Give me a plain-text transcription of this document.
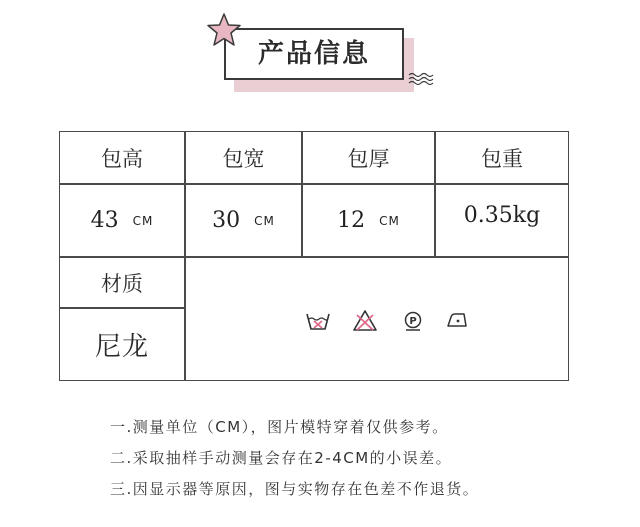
产品信息
包高	包宽	包厚	包重
43 CM	30 CM	12 CM	0.35kg
材质
尼龙
P
一.测量单位（CM），图片模特穿着仅供参考。
二.采取抽样手动测量会存在2-4CM的小误差。
三.因显示器等原因，图与实物存在色差不作退货。
